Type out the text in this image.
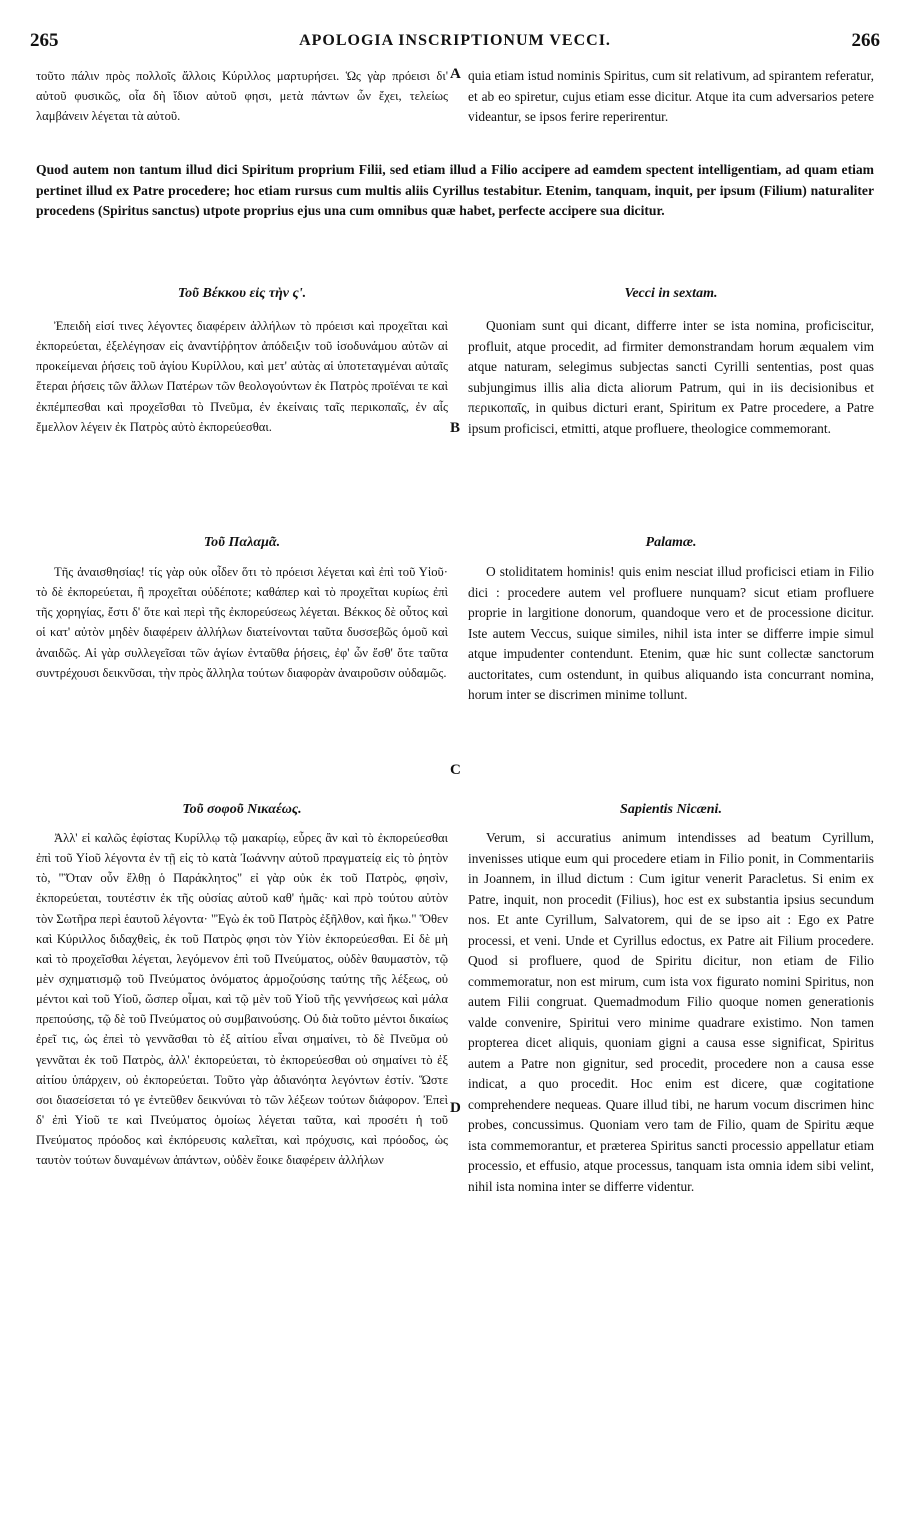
265	APOLOGIA INSCRIPTIONUM VECCI.	266

τοῦτο πάλιν πρὸς πολλοῖς ἄλλοις Κύριλλος μαρτυρήσει. Ὡς γὰρ πρόεισι δι' αὐτοῦ φυσικῶς, οἷα δὴ ἴδιον αὐτοῦ φησι, μετὰ πάντων ὧν ἔχει, τελείως λαμβάνειν λέγεται τὰ αὐτοῦ.

A quia etiam istud nominis Spiritus, cum sit relativum, ad spirantem referatur, et ab eo spiretur, cujus etiam esse dicitur. Atque ita cum adversarios petere videantur, se ipsos ferire reperirentur.

Quod autem non tantum illud dici Spiritum proprium Filii, sed etiam illud a Filio accipere ad eamdem spectent intelligentiam, ad quam etiam pertinet illud ex Patre procedere; hoc etiam rursus cum multis aliis Cyrillus testabitur. Etenim, tanquam, inquit, per ipsum (Filium) naturaliter procedens (Spiritus sanctus) utpote proprius ejus una cum omnibus quæ habet, perfecte accipere sua dicitur.

Τοῦ Βέκκου εἰς τὴν ς'.	Vecci in sextam.

Ἐπειδὴ εἰσί τινες λέγοντες διαφέρειν ἀλλήλων τὸ πρόεισι καὶ προχεῖται καὶ ἐκπορεύεται, ἐξελέγησαν εἰς ἀναντίῤῥητον ἀπόδειξιν τοῦ ἰσοδυνάμου αὐτῶν αἱ προκείμεναι ῥήσεις τοῦ ἁγίου Κυρίλλου, καὶ μετ' αὐτὰς αἱ ὑποτεταγμέναι αὐταῖς ἕτεραι ῥήσεις τῶν ἄλλων Πατέρων τῶν θεολογούντων ἐκ Πατρὸς προϊέναι τε καὶ ἐκπέμπεσθαι καὶ προχεῖσθαι τὸ Πνεῦμα, ἐν ἐκείναις ταῖς περικοπαῖς, ἐν αἷς ἔμελλον λέγειν ἐκ Πατρὸς αὐτὸ ἐκπορεύεσθαι.	B

Quoniam sunt qui dicant, differre inter se ista nomina, proficiscitur, profluit, atque procedit, ad firmiter demonstrandam horum æqualem vim atque naturam, selegimus subjectas sancti Cyrilli sententias, post quas subjungimus illis alia dicta aliorum Patrum, qui in iis decisionibus et περικοπαῖς, in quibus dicturi erant, Spiritum ex Patre procedere, a Patre ipsum proficisci, etmitti, atque profluere, theologice commemorant.

Τοῦ Παλαμᾶ.	Palamæ.

Τῆς ἀναισθησίας! τίς γὰρ οὐκ οἶδεν ὅτι τὸ πρόεισι λέγεται καὶ ἐπὶ τοῦ Υἱοῦ· τὸ δὲ ἐκπορεύεται, ἢ προχεῖται οὐδέποτε; καθάπερ καὶ τὸ προχεῖται κυρίως ἐπὶ τῆς χορηγίας, ἔστι δ' ὅτε καὶ περὶ τῆς ἐκπορεύσεως λέγεται. Βέκκος δὲ οὗτος καὶ οἱ κατ' αὐτὸν μηδὲν διαφέρειν ἀλλήλων διατείνονται ταῦτα δυσσεβῶς ὁμοῦ καὶ ἀναιδῶς. Αἱ γὰρ συλλεγεῖσαι τῶν ἁγίων ἐνταῦθα ῥήσεις, ἐφ' ὧν ἔσθ' ὅτε ταῦτα συντρέχουσι δεικνῦσαι, τὴν πρὸς ἄλληλα τούτων διαφορὰν ἀναιροῦσιν οὐδαμῶς.

C

O stoliditatem hominis! quis enim nesciat illud proficisci etiam in Filio dici : procedere autem vel profluere nunquam? sicut etiam profluere proprie in largitione donorum, quandoque vero et de processione dicitur. Iste autem Veccus, suique similes, nihil ista inter se differre impie simul atque impudenter contendunt. Etenim, quæ hic sunt collectæ sanctorum auctoritates, cum ostendunt, in quibus aliquando ista concurrant nomina, horum inter se discrimen minime tollunt.

Τοῦ σοφοῦ Νικαέως.	Sapientis Nicæni.

Ἀλλ' εἰ καλῶς ἐφίστας Κυρίλλῳ τῷ μακαρίῳ, εὗρες ἂν καὶ τὸ ἐκπορεύεσθαι ἐπὶ τοῦ Υἱοῦ λέγοντα ἐν τῇ εἰς τὸ κατὰ Ἰωάννην αὐτοῦ πραγματείᾳ εἰς τὸ ῥητὸν τὸ, "Ὅταν οὖν ἔλθῃ ὁ Παράκλητος" εἰ γὰρ οὐκ ἐκ τοῦ Πατρὸς, φησὶν, ἐκπορεύεται, τουτέστιν ἐκ τῆς οὐσίας αὐτοῦ καθ' ἡμᾶς· καὶ πρὸ τούτου αὐτὸν τὸν Σωτῆρα περὶ ἑαυτοῦ λέγοντα· "Ἐγὼ ἐκ τοῦ Πατρὸς ἐξῆλθον, καὶ ἥκω." Ὅθεν καὶ Κύριλλος διδαχθεὶς, ἐκ τοῦ Πατρὸς φησι τὸν Υἱὸν ἐκπορεύεσθαι. Εἰ δὲ μὴ καὶ τὸ προχεῖσθαι λέγεται, λεγόμενον ἐπὶ τοῦ Πνεύματος, οὐδὲν θαυμαστὸν, τῷ μὲν σχηματισμῷ τοῦ Πνεύματος ὀνόματος ἁρμοζούσης ταύτης τῆς λέξεως, οὐ μέντοι καὶ τοῦ Υἱοῦ, ὥσπερ οἶμαι, καὶ τῷ μὲν τοῦ Υἱοῦ τῆς γεννήσεως καὶ μάλα πρεπούσης, τῷ δὲ τοῦ Πνεύματος οὐ συμβαινούσης. Οὐ διὰ τοῦτο μέντοι δικαίως ἐρεῖ τις, ὡς ἐπεὶ τὸ γεννᾶσθαι τὸ ἐξ αἰτίου εἶναι σημαίνει, τὸ δὲ Πνεῦμα οὐ γεννᾶται ἐκ τοῦ Πατρὸς, ἀλλ' ἐκπορεύεται, τὸ ἐκπορεύεσθαι οὐ σημαίνει τὸ ἐξ αἰτίου ὑπάρχειν, οὐ ἐκπορεύεται. Τοῦτο γὰρ ἀδιανόητα λεγόντων ἐστίν. Ὥστε σοι διασείσεται τό γε ἐντεῦθεν δεικνύναι τὸ τῶν λέξεων τούτων διάφορον. Ἐπεὶ δ' ἐπὶ Υἱοῦ τε καὶ Πνεύματος ὁμοίως λέγεται ταῦτα, καὶ προσέτι ἡ τοῦ Πνεύματος πρόοδος καὶ ἐκπόρευσις καλεῖται, καὶ πρόχυσις, καὶ πρόοδος, ὡς ταυτὸν τούτων δυναμένων ἁπάντων, οὐδὲν ἔοικε διαφέρειν ἀλλήλων

D

Verum, si accuratius animum intendisses ad beatum Cyrillum, invenisses utique eum qui procedere etiam in Filio ponit, in Commentariis in Joannem, in illud dictum : Cum igitur venerit Paracletus. Si enim ex Patre, inquit, non procedit (Filius), hoc est ex substantia ipsius secundum nos. Et ante Cyrillum, Salvatorem, qui de se ipso ait : Ego ex Patre processi, et veni. Unde et Cyrillus edoctus, ex Patre ait Filium procedere. Quod si profluere, quod de Spiritu dicitur, non etiam de Filio commemoratur, non est mirum, cum ista vox figurato nomini Spiritus, non autem Filii congruat. Quemadmodum Filio quoque nomen generationis valde convenire, Spiritui vero minime quadrare existimo. Non tamen propterea dicet aliquis, quoniam gigni a causa esse significat, Spiritus autem a Patre non gignitur, sed procedit, procedere non a causa esse indicat, a quo procedit. Hoc enim est dicere, quæ cogitatione comprehendere nequeas. Quare illud tibi, ne harum vocum discrimen hinc probes, concussimus. Quoniam vero tam de Filio, quam de Spiritu æque ista commemorantur, et præterea Spiritus sancti processio appellatur etiam processio, et effusio, atque processus, tanquam ista omnia idem sibi velint, nihil ista nomina inter se differre videntur.
